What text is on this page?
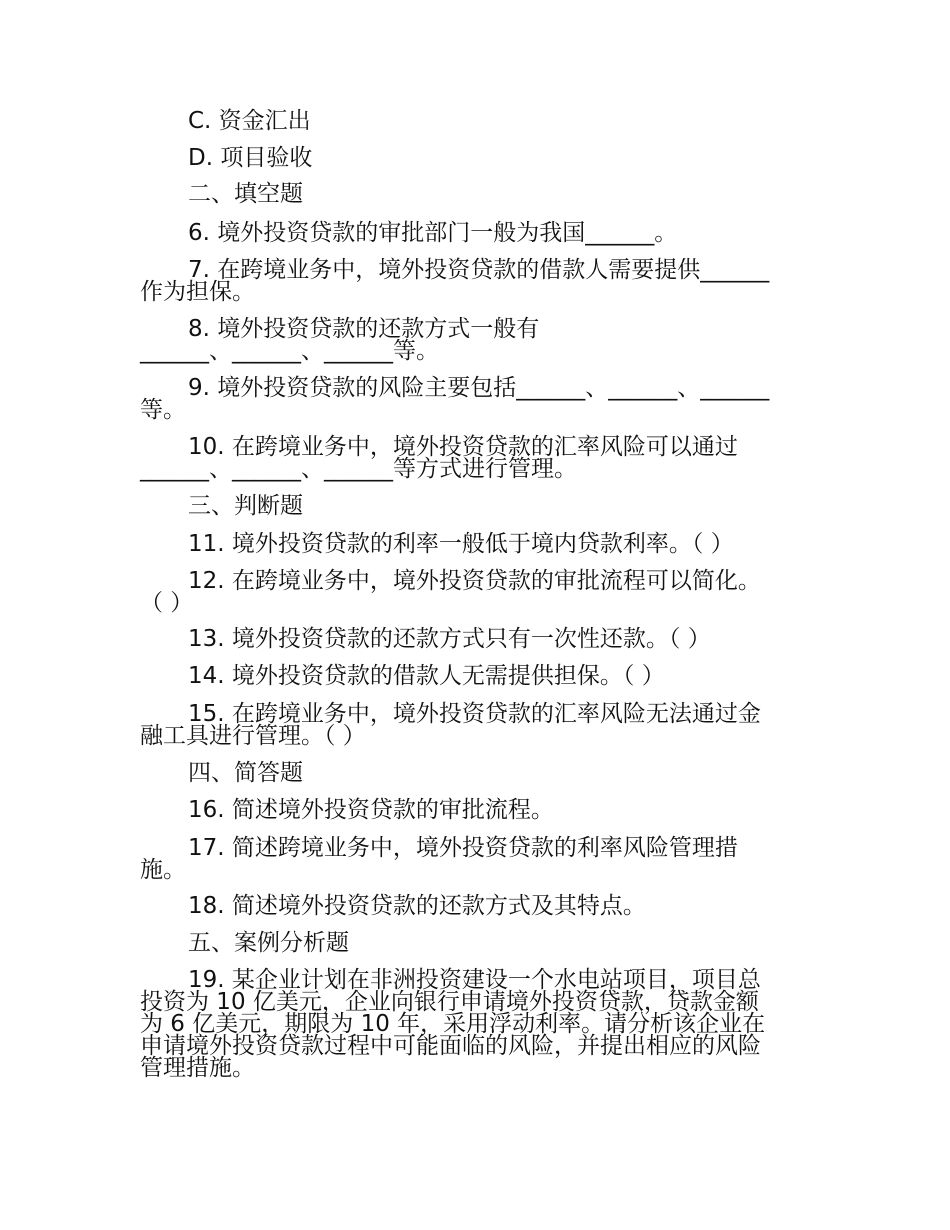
C. 资金汇出
D. 项目验收
二、填空题
6. 境外投资贷款的审批部门一般为我国______。
7. 在跨境业务中，境外投资贷款的借款人需要提供______
作为担保。
8. 境外投资贷款的还款方式一般有
______、______、______等。
9. 境外投资贷款的风险主要包括______、______、______
等。
10. 在跨境业务中，境外投资贷款的汇率风险可以通过
______、______、______等方式进行管理。
三、判断题
11. 境外投资贷款的利率一般低于境内贷款利率。（ ）
12. 在跨境业务中，境外投资贷款的审批流程可以简化。
（ ）
13. 境外投资贷款的还款方式只有一次性还款。（ ）
14. 境外投资贷款的借款人无需提供担保。（ ）
15. 在跨境业务中，境外投资贷款的汇率风险无法通过金
融工具进行管理。（ ）
四、简答题
16. 简述境外投资贷款的审批流程。
17. 简述跨境业务中，境外投资贷款的利率风险管理措
施。
18. 简述境外投资贷款的还款方式及其特点。
五、案例分析题
19. 某企业计划在非洲投资建设一个水电站项目，项目总
投资为 10 亿美元，企业向银行申请境外投资贷款，贷款金额
为 6 亿美元，期限为 10 年，采用浮动利率。请分析该企业在
申请境外投资贷款过程中可能面临的风险，并提出相应的风险
管理措施。
